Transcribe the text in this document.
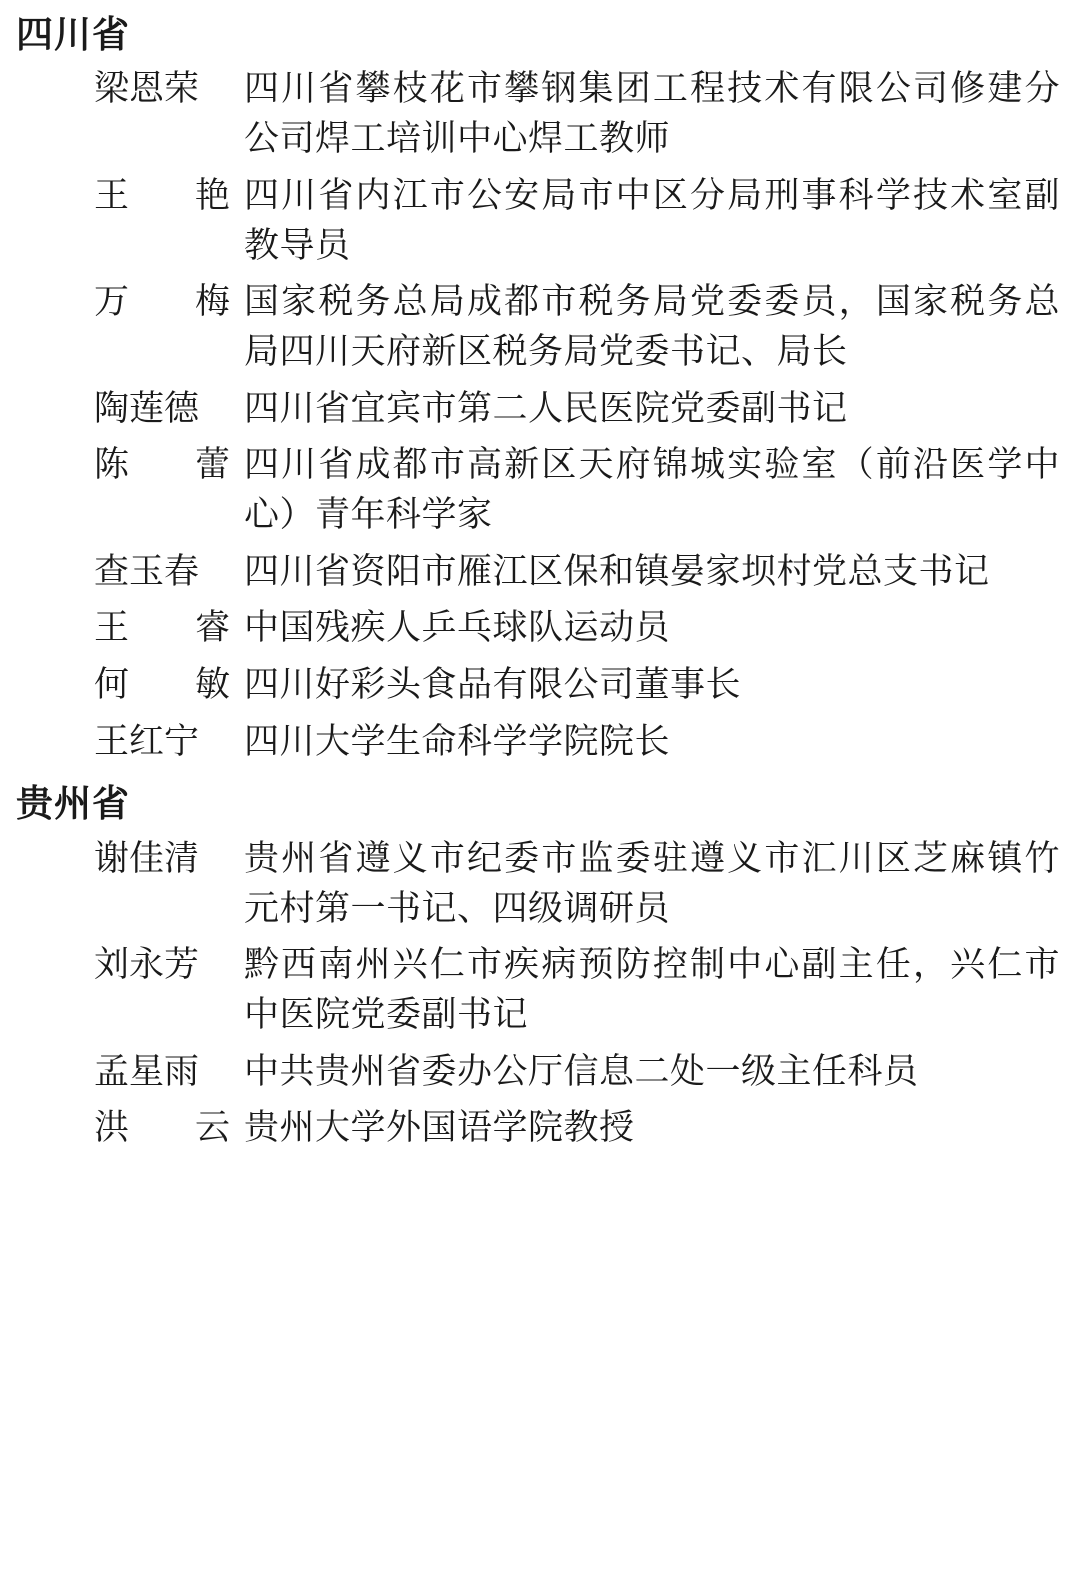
四川省
梁恩荣	四川省攀枝花市攀钢集团工程技术有限公司修建分公司焊工培训中心焊工教师
王 艳 四川省内江市公安局市中区分局刑事科学技术室副教导员
万 梅 国家税务总局成都市税务局党委委员，国家税务总局四川天府新区税务局党委书记、局长
陶莲德	四川省宜宾市第二人民医院党委副书记
陈 蕾 四川省成都市高新区天府锦城实验室（前沿医学中心）青年科学家
查玉春	四川省资阳市雁江区保和镇晏家坝村党总支书记
王 睿 中国残疾人乒乓球队运动员
何 敏 四川好彩头食品有限公司董事长
王红宁	四川大学生命科学学院院长
贵州省
谢佳清	贵州省遵义市纪委市监委驻遵义市汇川区芝麻镇竹元村第一书记、四级调研员
刘永芳	黔西南州兴仁市疾病预防控制中心副主任，兴仁市中医院党委副书记
孟星雨	中共贵州省委办公厅信息二处一级主任科员
洪 云 贵州大学外国语学院教授
